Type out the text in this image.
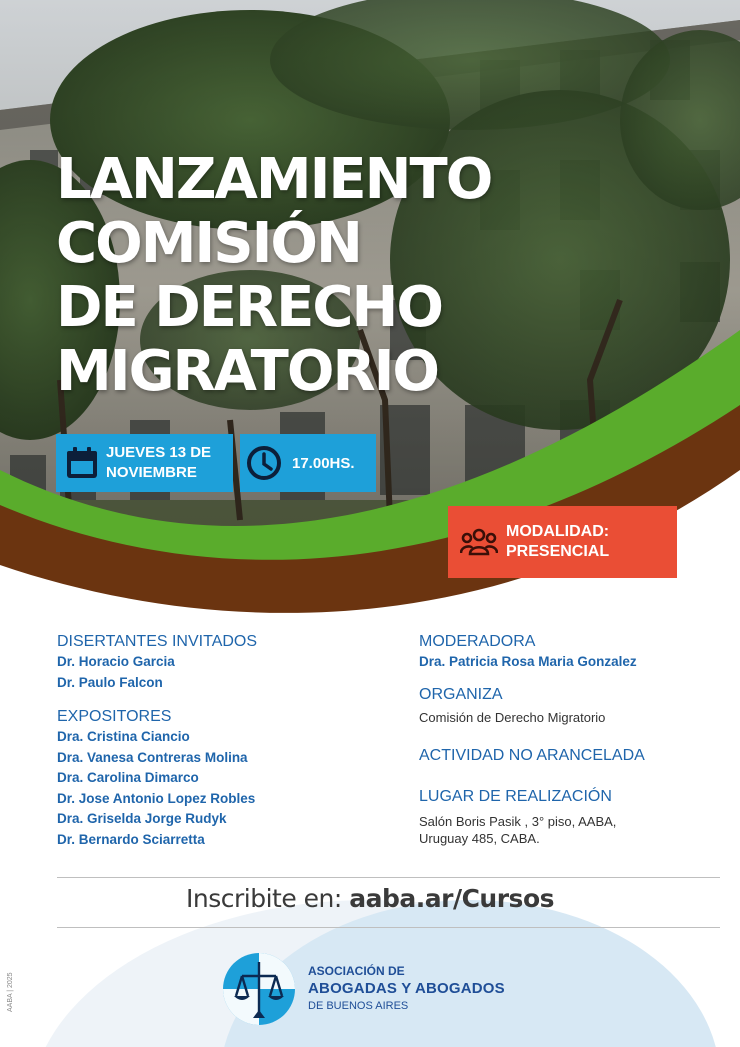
LANZAMIENTO
COMISIÓN
DE DERECHO
MIGRATORIO
JUEVES 13 DE
NOVIEMBRE
17.00HS.
MODALIDAD:
PRESENCIAL
DISERTANTES INVITADOS
Dr. Horacio Garcia
Dr. Paulo Falcon
EXPOSITORES
Dra. Cristina Ciancio
Dra. Vanesa Contreras Molina
Dra. Carolina Dimarco
Dr. Jose Antonio Lopez Robles
Dra. Griselda Jorge Rudyk
Dr. Bernardo Sciarretta
MODERADORA
Dra. Patricia Rosa Maria Gonzalez
ORGANIZA
Comisión de Derecho Migratorio
ACTIVIDAD NO ARANCELADA
LUGAR DE REALIZACIÓN
Salón Boris Pasik , 3° piso, AABA,
Uruguay 485, CABA.
Inscribite en: aaba.ar/Cursos
ASOCIACIÓN DE
ABOGADAS Y ABOGADOS
DE BUENOS AIRES
AABA | 2025
